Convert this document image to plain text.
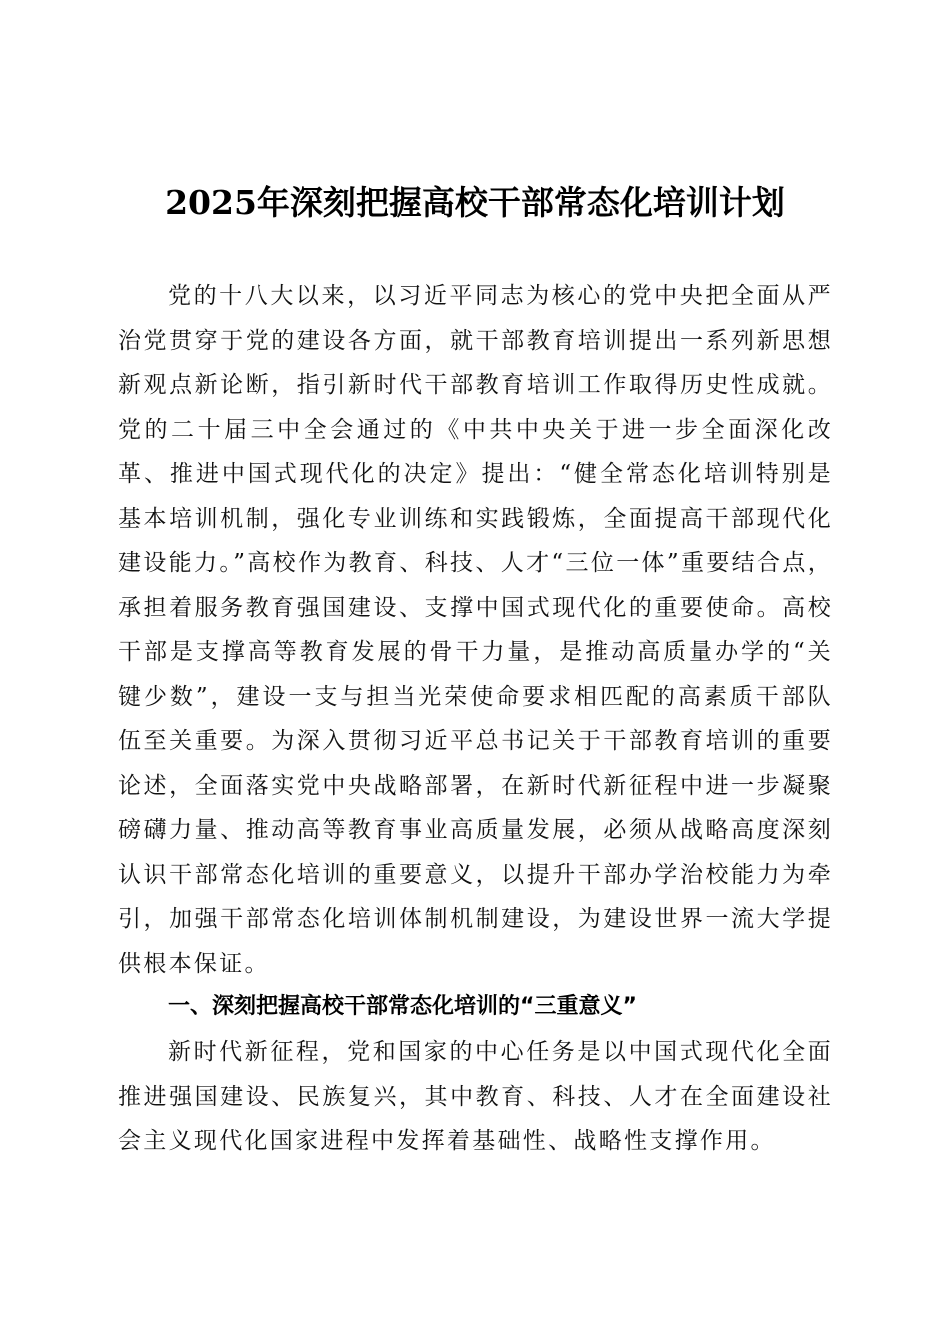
2025年深刻把握高校干部常态化培训计划

党的十八大以来，以习近平同志为核心的党中央把全面从严治党贯穿于党的建设各方面，就干部教育培训提出一系列新思想新观点新论断，指引新时代干部教育培训工作取得历史性成就。党的二十届三中全会通过的《中共中央关于进一步全面深化改革、推进中国式现代化的决定》提出：“健全常态化培训特别是基本培训机制，强化专业训练和实践锻炼，全面提高干部现代化建设能力。”高校作为教育、科技、人才“三位一体”重要结合点，承担着服务教育强国建设、支撑中国式现代化的重要使命。高校干部是支撑高等教育发展的骨干力量，是推动高质量办学的“关键少数”，建设一支与担当光荣使命要求相匹配的高素质干部队伍至关重要。为深入贯彻习近平总书记关于干部教育培训的重要论述，全面落实党中央战略部署，在新时代新征程中进一步凝聚磅礴力量、推动高等教育事业高质量发展，必须从战略高度深刻认识干部常态化培训的重要意义，以提升干部办学治校能力为牵引，加强干部常态化培训体制机制建设，为建设世界一流大学提供根本保证。

一、深刻把握高校干部常态化培训的“三重意义”

新时代新征程，党和国家的中心任务是以中国式现代化全面推进强国建设、民族复兴，其中教育、科技、人才在全面建设社会主义现代化国家进程中发挥着基础性、战略性支撑作用。
